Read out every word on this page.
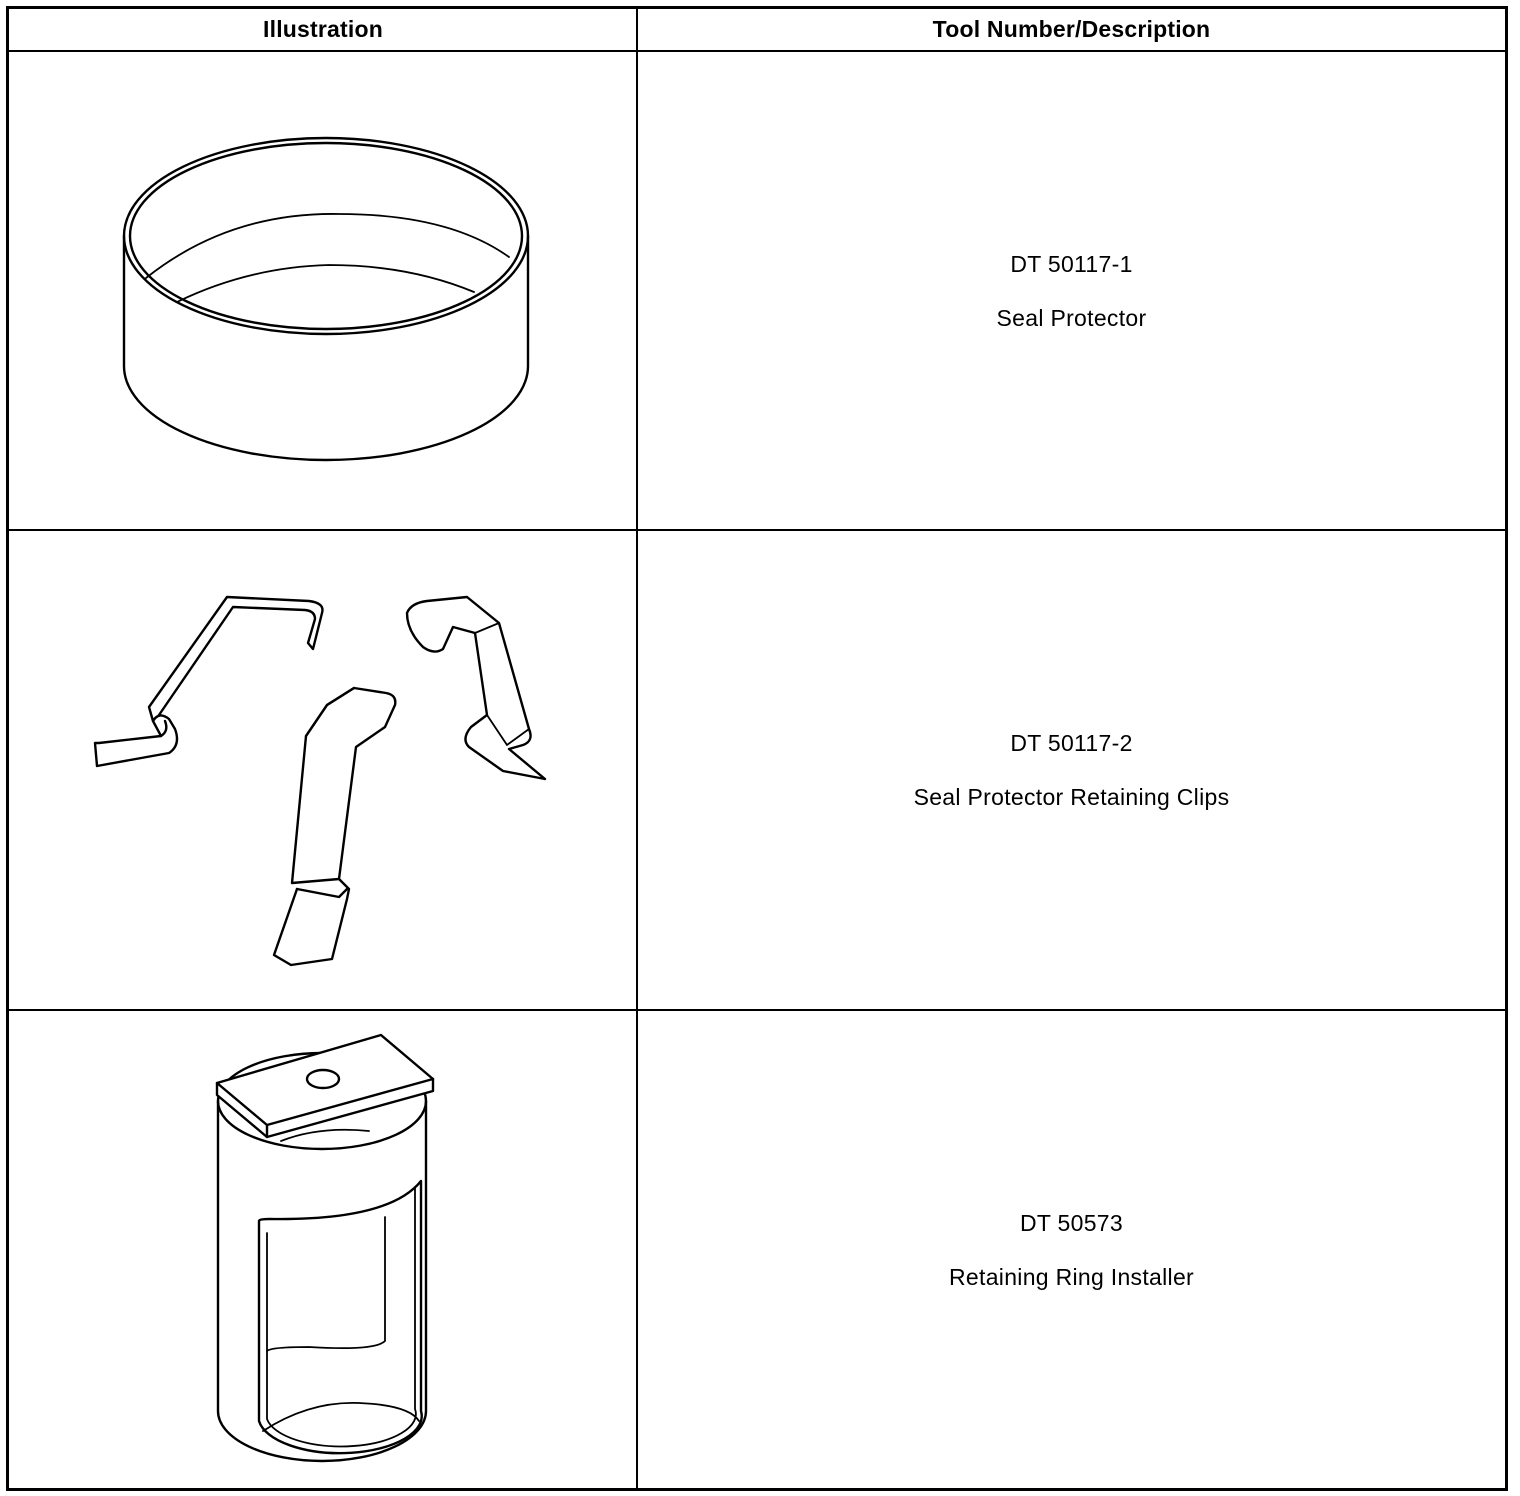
Illustration	Tool Number/Description
DT 50117-1
Seal Protector
DT 50117-2
Seal Protector Retaining Clips
DT 50573
Retaining Ring Installer
